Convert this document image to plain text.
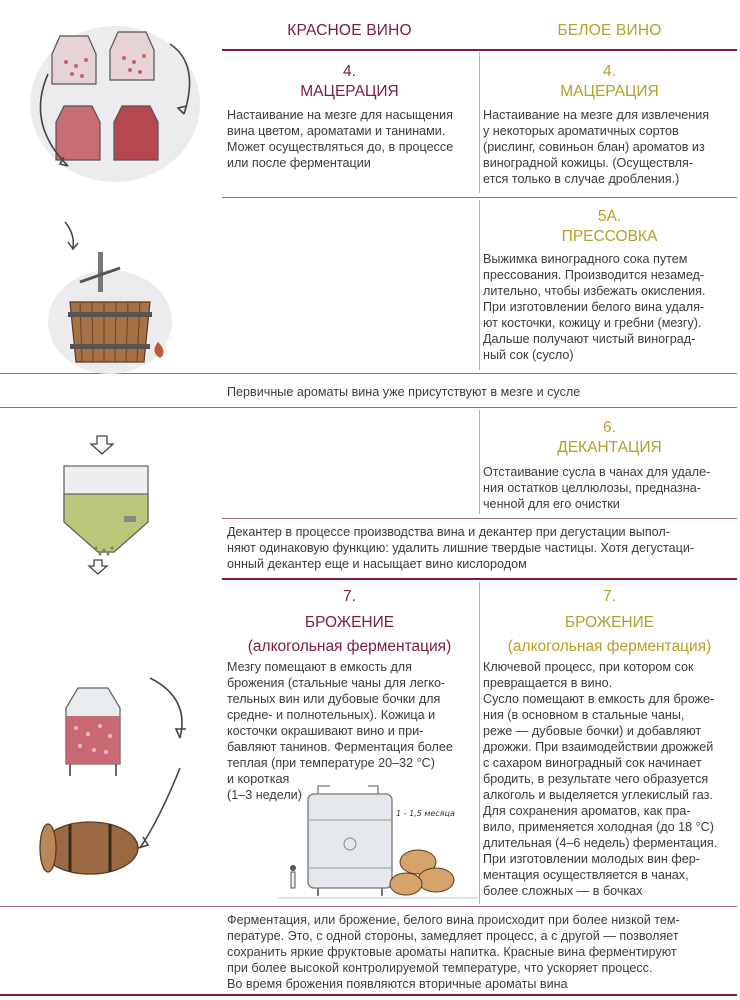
КРАСНОЕ ВИНО	БЕЛОЕ ВИНО
4.
МАЦЕРАЦИЯ
4.
МАЦЕРАЦИЯ
Настаивание на мезге для насыщения
вина цветом, ароматами и танинами.
Может осуществляться до, в процессе
или после ферментации
Настаивание на мезге для извлечения
у некоторых ароматичных сортов
(рислинг, совиньон блан) ароматов из
виноградной кожицы. (Осуществля-
ется только в случае дробления.)
5А.
ПРЕССОВКА
Выжимка виноградного сока путем
прессования. Производится незамед-
лительно, чтобы избежать окисления.
При изготовлении белого вина удаля-
ют косточки, кожицу и гребни (мезгу).
Дальше получают чистый виноград-
ный сок (сусло)
Первичные ароматы вина уже присутствуют в мезге и сусле
6.
ДЕКАНТАЦИЯ
Отстаивание сусла в чанах для удале-
ния остатков целлюлозы, предназна-
ченной для его очистки
Декантер в процессе производства вина и декантер при дегустации выпол-
няют одинаковую функцию: удалить лишние твердые частицы. Хотя дегустаци-
онный декантер еще и насыщает вино кислородом
7.
БРОЖЕНИЕ
(алкогольная ферментация)
7.
БРОЖЕНИЕ
(алкогольная ферментация)
Мезгу помещают в емкость для
брожения (стальные чаны для легко-
тельных вин или дубовые бочки для
средне- и полнотельных). Кожица и
косточки окрашивают вино и при-
бавляют танинов. Ферментация более
теплая (при температуре 20–32 °С)
и короткая
(1–3 недели)
Ключевой процесс, при котором сок
превращается в вино.
Сусло помещают в емкость для броже-
ния (в основном в стальные чаны,
реже — дубовые бочки) и добавляют
дрожжи. При взаимодействии дрожжей
с сахаром виноградный сок начинает
бродить, в результате чего образуется
алкоголь и выделяется углекислый газ.
Для сохранения ароматов, как пра-
вило, применяется холодная (до 18 °С)
длительная (4–6 недель) ферментация.
При изготовлении молодых вин фер-
ментация осуществляется в чанах,
более сложных — в бочках
Ферментация, или брожение, белого вина происходит при более низкой тем-
пературе. Это, с одной стороны, замедляет процесс, а с другой — позволяет
сохранить яркие фруктовые ароматы напитка. Красные вина ферментируют
при более высокой контролируемой температуре, что ускоряет процесс.
Во время брожения появляются вторичные ароматы вина
1 - 1,5 месяца
